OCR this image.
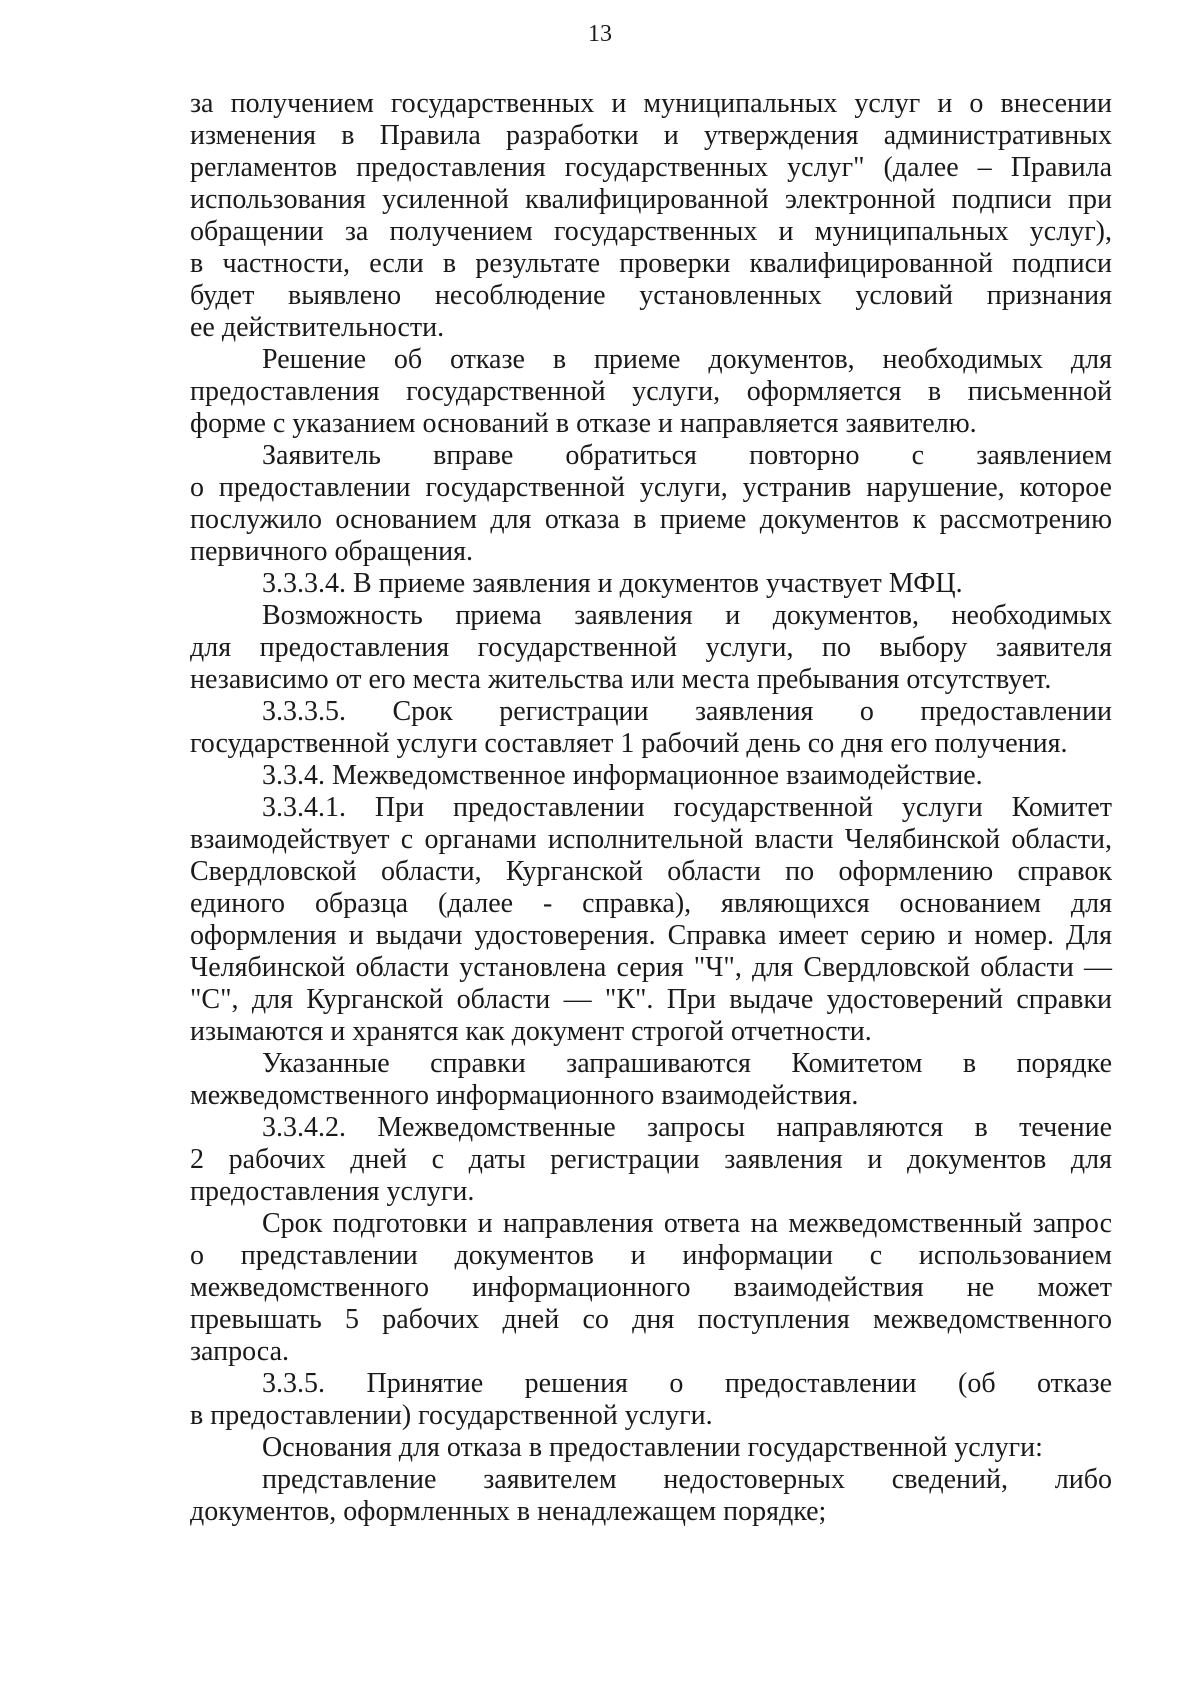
13
за получением государственных и муниципальных услуг и о внесении
изменения в Правила разработки и утверждения административных
регламентов предоставления государственных услуг" (далее – Правила
использования усиленной квалифицированной электронной подписи при
обращении за получением государственных и муниципальных услуг),
в частности, если в результате проверки квалифицированной подписи
будет выявлено несоблюдение установленных условий признания
ее действительности.
Решение об отказе в приеме документов, необходимых для
предоставления государственной услуги, оформляется в письменной
форме с указанием оснований в отказе и направляется заявителю.
Заявитель вправе обратиться повторно с заявлением
о предоставлении государственной услуги, устранив нарушение, которое
послужило основанием для отказа в приеме документов к рассмотрению
первичного обращения.
3.3.3.4. В приеме заявления и документов участвует МФЦ.
Возможность приема заявления и документов, необходимых
для предоставления государственной услуги, по выбору заявителя
независимо от его места жительства или места пребывания отсутствует.
3.3.3.5. Срок регистрации заявления о предоставлении
государственной услуги составляет 1 рабочий день со дня его получения.
3.3.4. Межведомственное информационное взаимодействие.
3.3.4.1. При предоставлении государственной услуги Комитет
взаимодействует с органами исполнительной власти Челябинской области,
Свердловской области, Курганской области по оформлению справок
единого образца (далее - справка), являющихся основанием для
оформления и выдачи удостоверения. Справка имеет серию и номер. Для
Челябинской области установлена серия "Ч", для Свердловской области —
"С", для Курганской области — "К". При выдаче удостоверений справки
изымаются и хранятся как документ строгой отчетности.
Указанные справки запрашиваются Комитетом в порядке
межведомственного информационного взаимодействия.
3.3.4.2. Межведомственные запросы направляются в течение
2 рабочих дней с даты регистрации заявления и документов для
предоставления услуги.
Срок подготовки и направления ответа на межведомственный запрос
о представлении документов и информации с использованием
межведомственного информационного взаимодействия не может
превышать 5 рабочих дней со дня поступления межведомственного
запроса.
3.3.5. Принятие решения о предоставлении (об отказе
в предоставлении) государственной услуги.
Основания для отказа в предоставлении государственной услуги:
представление заявителем недостоверных сведений, либо
документов, оформленных в ненадлежащем порядке;
